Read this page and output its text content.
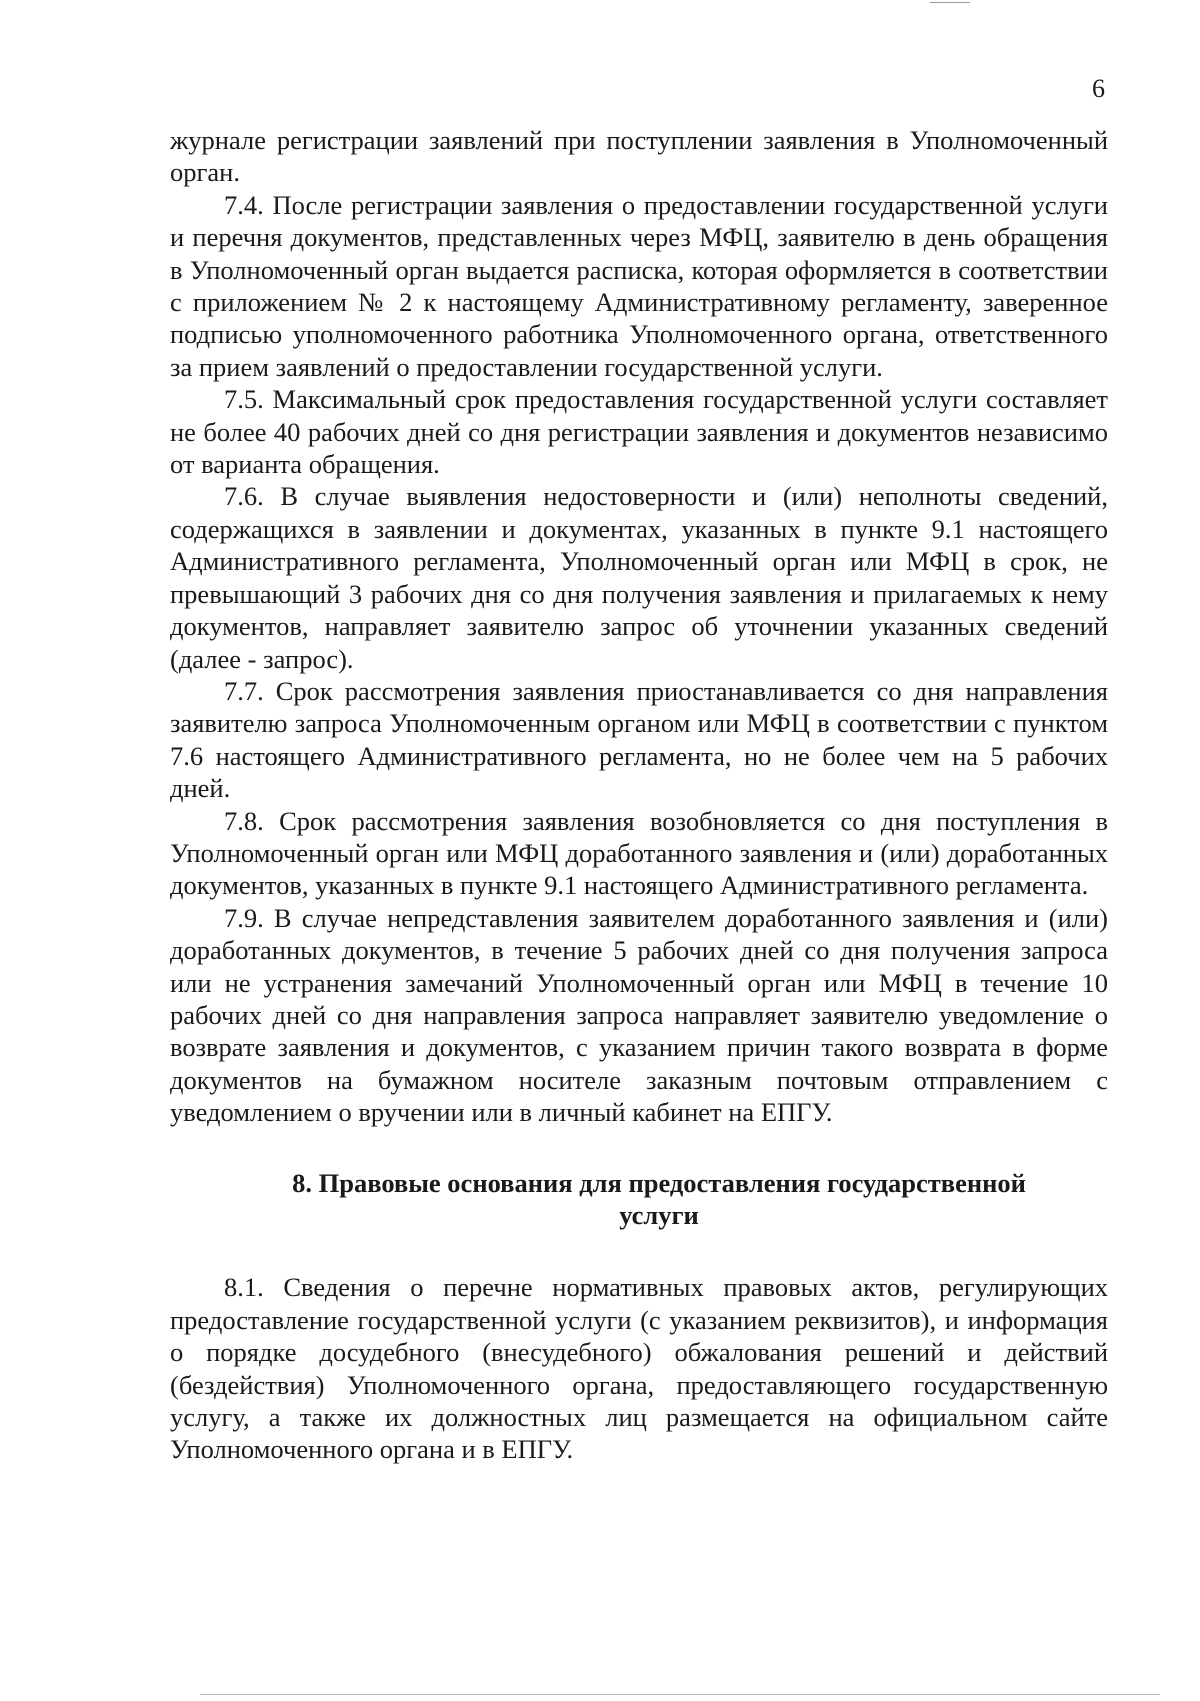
6

журнале регистрации заявлений при поступлении заявления в Уполномоченный орган.

7.4. После регистрации заявления о предоставлении государственной услуги и перечня документов, представленных через МФЦ, заявителю в день обращения в Уполномоченный орган выдается расписка, которая оформляется в соответствии с приложением № 2 к настоящему Административному регламенту, заверенное подписью уполномоченного работника Уполномоченного органа, ответственного за прием заявлений о предоставлении государственной услуги.

7.5. Максимальный срок предоставления государственной услуги составляет не более 40 рабочих дней со дня регистрации заявления и документов независимо от варианта обращения.

7.6. В случае выявления недостоверности и (или) неполноты сведений, содержащихся в заявлении и документах, указанных в пункте 9.1 настоящего Административного регламента, Уполномоченный орган или МФЦ в срок, не превышающий 3 рабочих дня со дня получения заявления и прилагаемых к нему документов, направляет заявителю запрос об уточнении указанных сведений (далее - запрос).

7.7. Срок рассмотрения заявления приостанавливается со дня направления заявителю запроса Уполномоченным органом или МФЦ в соответствии с пунктом 7.6 настоящего Административного регламента, но не более чем на 5 рабочих дней.

7.8. Срок рассмотрения заявления возобновляется со дня поступления в Уполномоченный орган или МФЦ доработанного заявления и (или) доработанных документов, указанных в пункте 9.1 настоящего Административного регламента.

7.9. В случае непредставления заявителем доработанного заявления и (или) доработанных документов, в течение 5 рабочих дней со дня получения запроса или не устранения замечаний Уполномоченный орган или МФЦ в течение 10 рабочих дней со дня направления запроса направляет заявителю уведомление о возврате заявления и документов, с указанием причин такого возврата в форме документов на бумажном носителе заказным почтовым отправлением с уведомлением о вручении или в личный кабинет на ЕПГУ.

8. Правовые основания для предоставления государственной
услуги

8.1. Сведения о перечне нормативных правовых актов, регулирующих предоставление государственной услуги (с указанием реквизитов), и информация о порядке досудебного (внесудебного) обжалования решений и действий (бездействия) Уполномоченного органа, предоставляющего государственную услугу, а также их должностных лиц размещается на официальном сайте Уполномоченного органа и в ЕПГУ.
